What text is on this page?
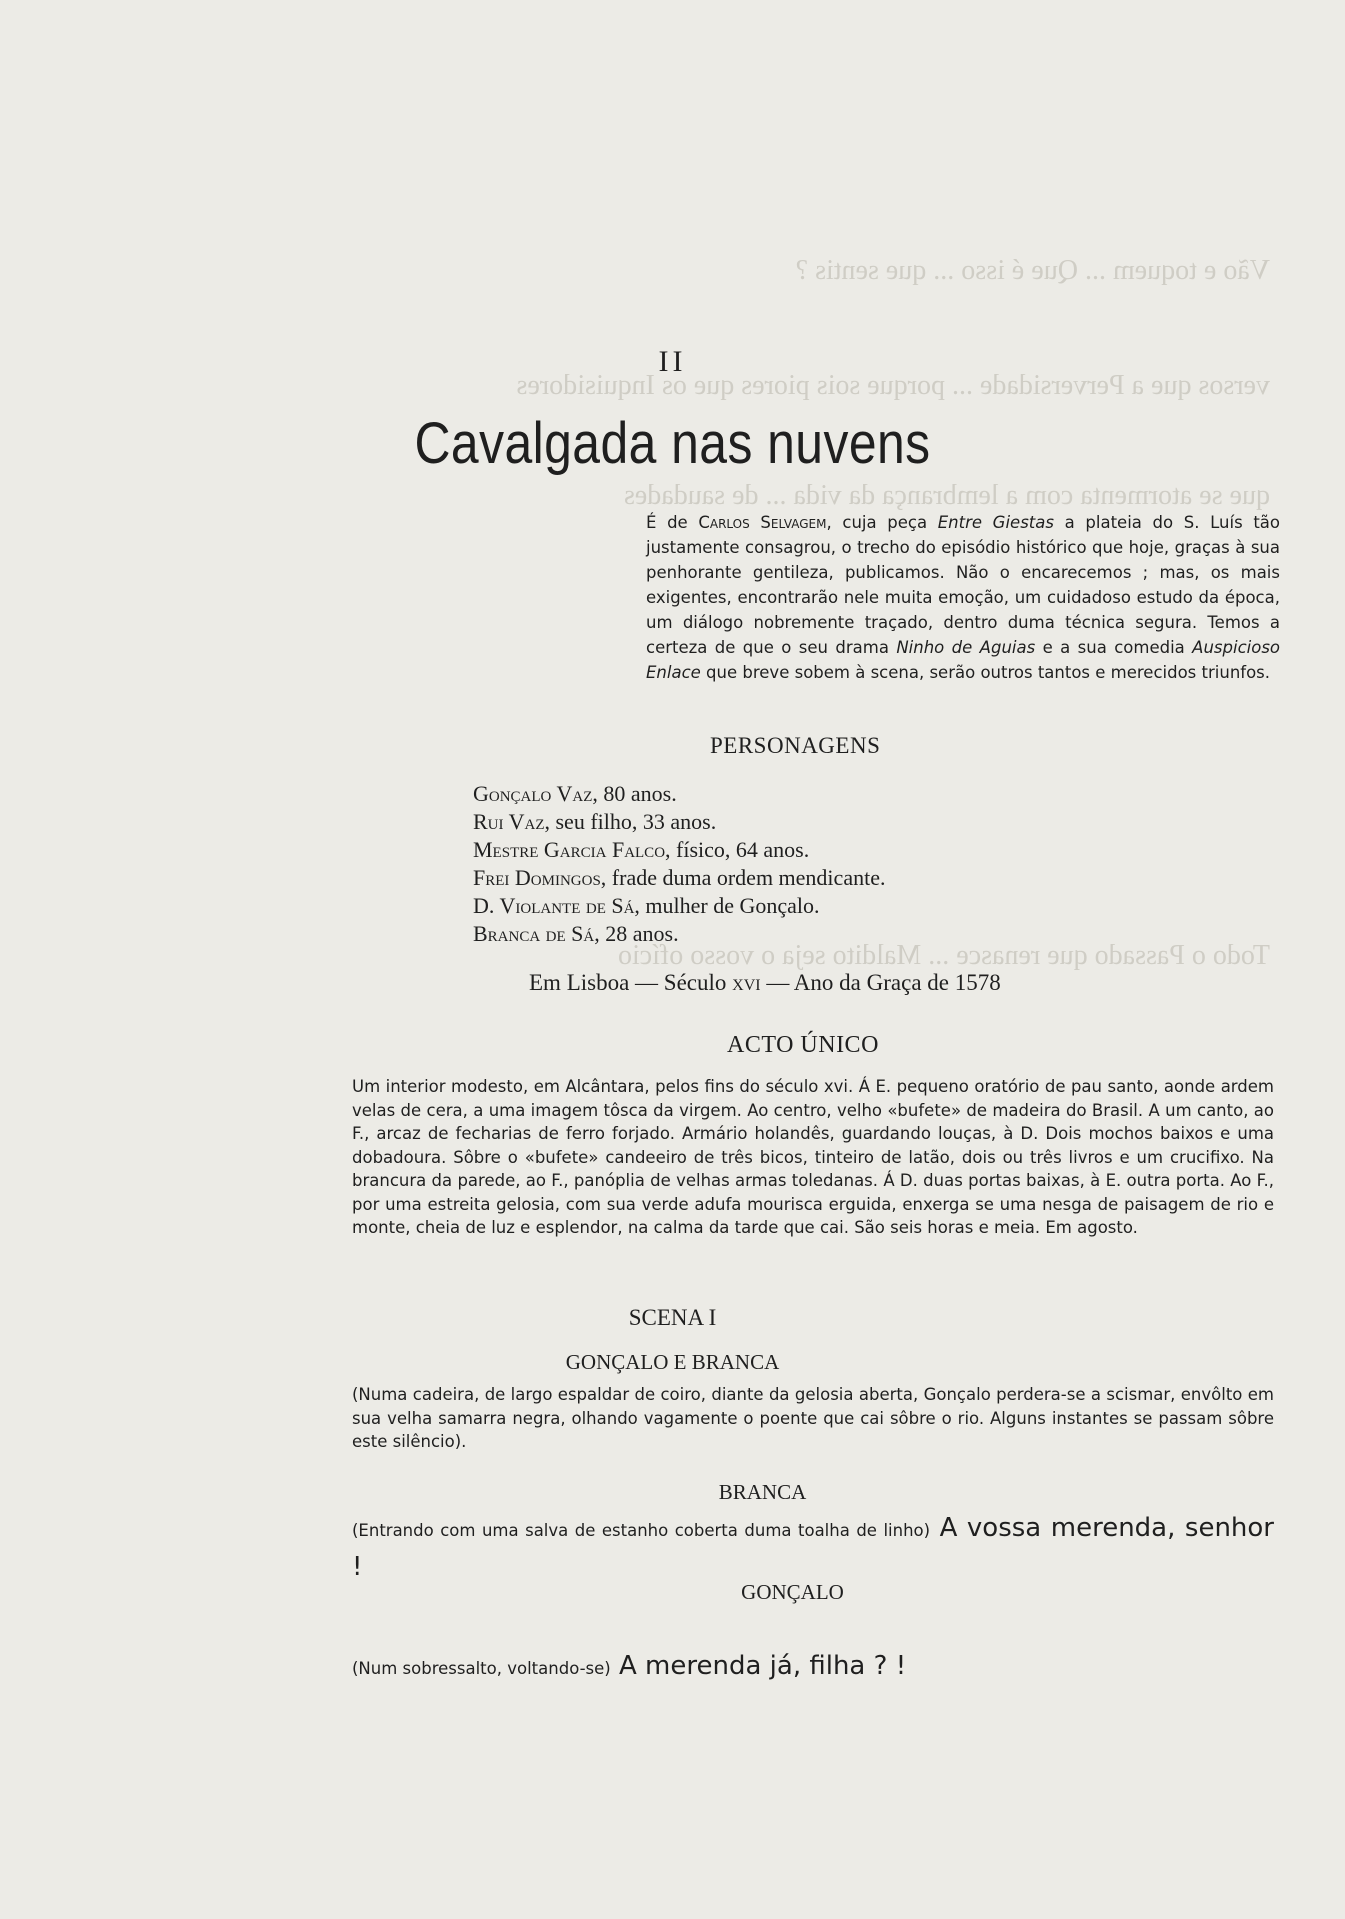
Vão e toquem ... Que é isso ... que sentis ?
versos que a Perversidade ... porque sois piores que os Inquisidores
que se atormenta com a lembrança da vida ... de saudades
Todo o Passado que renasce ... Maldito seja o vosso ofício
II
Cavalgada nas nuvens
É de Carlos Selvagem, cuja peça Entre Giestas a plateia do S. Luís tão justamente consagrou, o trecho do episódio histórico que hoje, graças à sua penhorante gentileza, publicamos. Não o encarecemos ; mas, os mais exigentes, encontrarão nele muita emoção, um cuidadoso estudo da época, um diálogo nobremente traçado, dentro duma técnica segura. Temos a certeza de que o seu drama Ninho de Aguias e a sua comedia Auspicioso Enlace que breve sobem à scena, serão outros tantos e merecidos triunfos.
PERSONAGENS
Gonçalo Vaz, 80 anos.
Rui Vaz, seu filho, 33 anos.
Mestre Garcia Falco, físico, 64 anos.
Frei Domingos, frade duma ordem mendicante.
D. Violante de Sá, mulher de Gonçalo.
Branca de Sá, 28 anos.
Em Lisboa — Século xvi — Ano da Graça de 1578
ACTO ÚNICO
Um interior modesto, em Alcântara, pelos fins do século xvi. Á E. pequeno oratório de pau santo, aonde ardem velas de cera, a uma imagem tôsca da virgem. Ao centro, velho «bufete» de madeira do Brasil. A um canto, ao F., arcaz de fecharias de ferro forjado. Armário holandês, guardando louças, à D. Dois mochos baixos e uma dobadoura. Sôbre o «bufete» candeeiro de três bicos, tinteiro de latão, dois ou três livros e um crucifixo. Na brancura da parede, ao F., panóplia de velhas armas toledanas. Á D. duas portas baixas, à E. outra porta. Ao F., por uma estreita gelosia, com sua verde adufa mourisca erguida, enxerga se uma nesga de paisagem de rio e monte, cheia de luz e esplendor, na calma da tarde que cai. São seis horas e meia. Em agosto.
SCENA I
GONÇALO E BRANCA
(Numa cadeira, de largo espaldar de coiro, diante da gelosia aberta, Gonçalo perdera-se a scismar, envôlto em sua velha samarra negra, olhando vagamente o poente que cai sôbre o rio. Alguns instantes se passam sôbre este silêncio).
BRANCA
(Entrando com uma salva de estanho coberta duma toalha de linho) A vossa merenda, senhor !
GONÇALO
(Num sobressalto, voltando-se) A merenda já, filha ? !
